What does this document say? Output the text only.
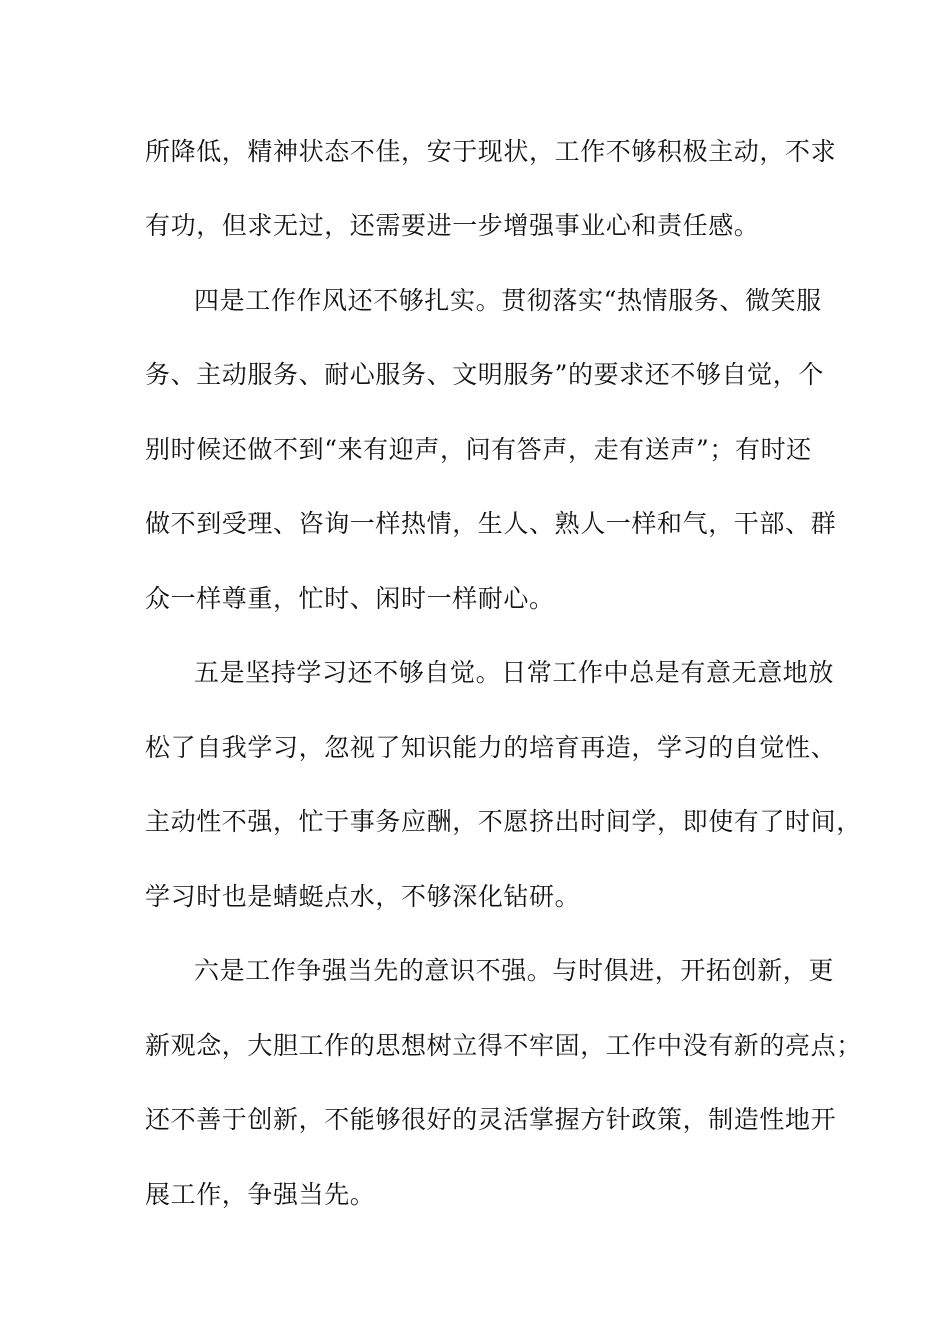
所降低，精神状态不佳，安于现状，工作不够积极主动，不求
有功，但求无过，还需要进一步增强事业心和责任感。
四是工作作风还不够扎实。贯彻落实“热情服务、微笑服
务、主动服务、耐心服务、文明服务”的要求还不够自觉，个
别时候还做不到“来有迎声，问有答声，走有送声”；有时还
做不到受理、咨询一样热情，生人、熟人一样和气，干部、群
众一样尊重，忙时、闲时一样耐心。
五是坚持学习还不够自觉。日常工作中总是有意无意地放
松了自我学习，忽视了知识能力的培育再造，学习的自觉性、
主动性不强，忙于事务应酬，不愿挤出时间学，即使有了时间，
学习时也是蜻蜓点水，不够深化钻研。
六是工作争强当先的意识不强。与时俱进，开拓创新，更
新观念，大胆工作的思想树立得不牢固，工作中没有新的亮点；
还不善于创新，不能够很好的灵活掌握方针政策，制造性地开
展工作，争强当先。
